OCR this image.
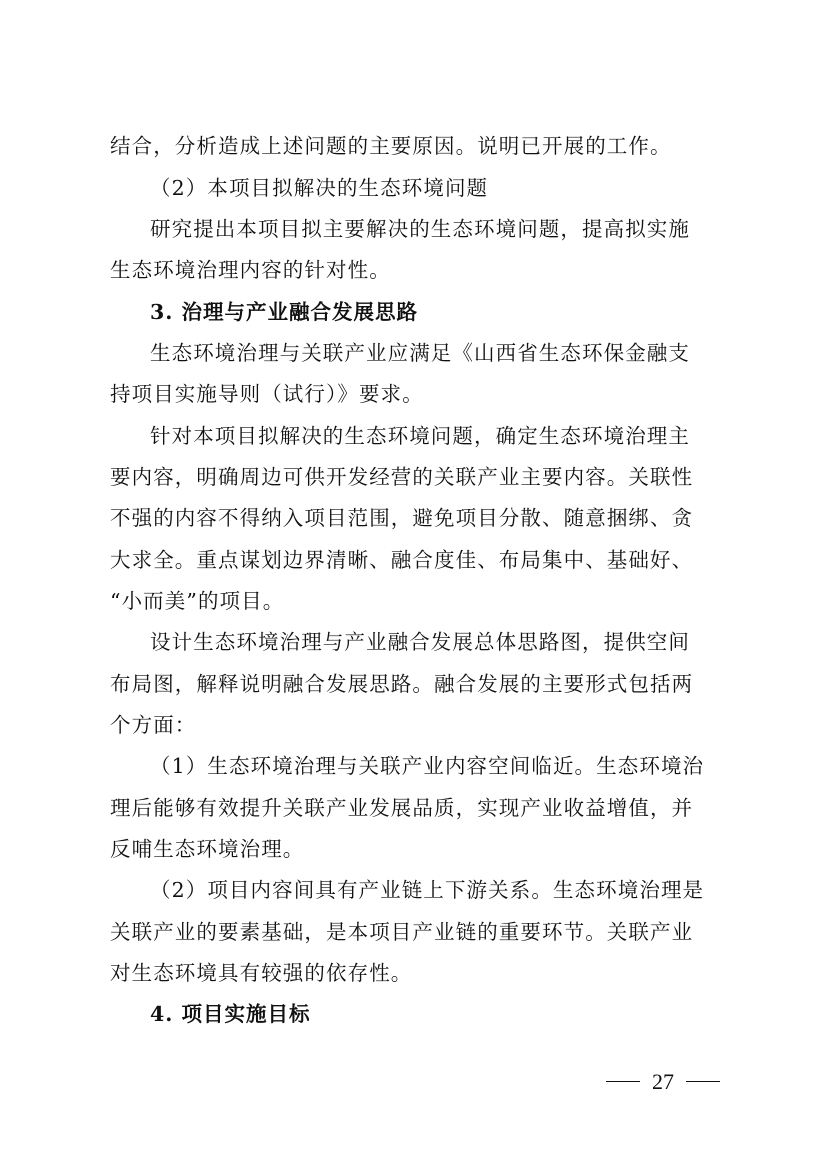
结合，分析造成上述问题的主要原因。说明已开展的工作。
（2）本项目拟解决的生态环境问题
研究提出本项目拟主要解决的生态环境问题，提高拟实施
生态环境治理内容的针对性。
3. 治理与产业融合发展思路
生态环境治理与关联产业应满足《山西省生态环保金融支
持项目实施导则（试行）》要求。
针对本项目拟解决的生态环境问题，确定生态环境治理主
要内容，明确周边可供开发经营的关联产业主要内容。关联性
不强的内容不得纳入项目范围，避免项目分散、随意捆绑、贪
大求全。重点谋划边界清晰、融合度佳、布局集中、基础好、
“小而美”的项目。
设计生态环境治理与产业融合发展总体思路图，提供空间
布局图，解释说明融合发展思路。融合发展的主要形式包括两
个方面：
（1）生态环境治理与关联产业内容空间临近。生态环境治
理后能够有效提升关联产业发展品质，实现产业收益增值，并
反哺生态环境治理。
（2）项目内容间具有产业链上下游关系。生态环境治理是
关联产业的要素基础，是本项目产业链的重要环节。关联产业
对生态环境具有较强的依存性。
4. 项目实施目标
27
